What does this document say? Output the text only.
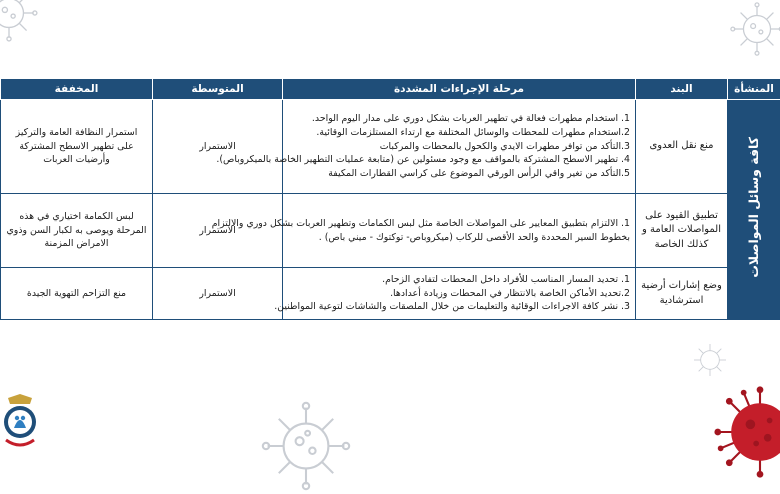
المنشأة	البند	مرحلة الإجراءات المشددة	المتوسطة	المخففة
كافة وسائل المواصلات	منع نقل العدوى	1. استخدام مطهرات فعالة في تطهير العربات بشكل دوري على مدار اليوم الواحد.
2.استخدام مطهرات للمحطات والوسائل المختلفة مع ارتداء المستلزمات الوقائية.
3.التأكد من توافر مطهرات الايدي والكحول بالمحطات والمركبات
4. تطهير الاسطح المشتركة بالمواقف مع وجود مسئولين عن (متابعة عمليات التطهير الخاصة بالميكروباص).
5.التأكد من تغير واقي الرأس الورقي الموضوع على كراسي القطارات المكيفة	الاستمرار	استمرار النظافة العامة والتركيز على تطهير الاسطح المشتركة وأرضيات العربات
	تطبيق القيود على المواصلات العامة و كذلك الخاصة	1. الالتزام بتطبيق المعايير على المواصلات الخاصة مثل لبس الكمامات وتطهير العربات بشكل دوري والالتزام
بخطوط السير المحددة والحد الأقصى للركاب (ميكروباص- توكتوك - ميني باص) .	الاستمرار	لبس الكمامة اختياري في هذه المرحلة ويوصى به لكبار السن وذوي الامراض المزمنة
	وضع إشارات أرضية استرشادية	1. تحديد المسار المناسب للأفراد داخل المحطات لتفادي الزحام.
2.تحديد الأماكن الخاصة بالانتظار في المحطات وزيادة أعدادها.
3. نشر كافة الاجراءات الوقائية والتعليمات من خلال الملصقات والشاشات لتوعية المواطنين.	الاستمرار	منع التزاحم التهوية الجيدة
